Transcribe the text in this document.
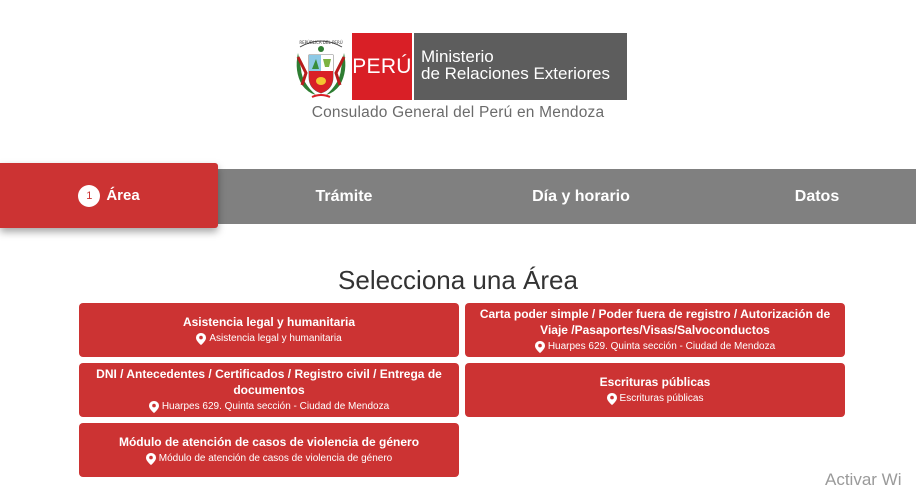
REPÚBLICA DEL PERÚ
PERÚ Ministerio
de Relaciones Exteriores
Consulado General del Perú en Mendoza
Trámite	Día y horario	Datos
1 Área
Selecciona una Área
Asistencia legal y humanitaria
Asistencia legal y humanitaria
Carta poder simple / Poder fuera de registro / Autorización de Viaje /Pasaportes/Visas/Salvoconductos
Huarpes 629. Quinta sección - Ciudad de Mendoza
DNI / Antecedentes / Certificados / Registro civil / Entrega de documentos
Huarpes 629. Quinta sección - Ciudad de Mendoza
Escrituras públicas
Escrituras públicas
Módulo de atención de casos de violencia de género
Módulo de atención de casos de violencia de género
Activar Wi
